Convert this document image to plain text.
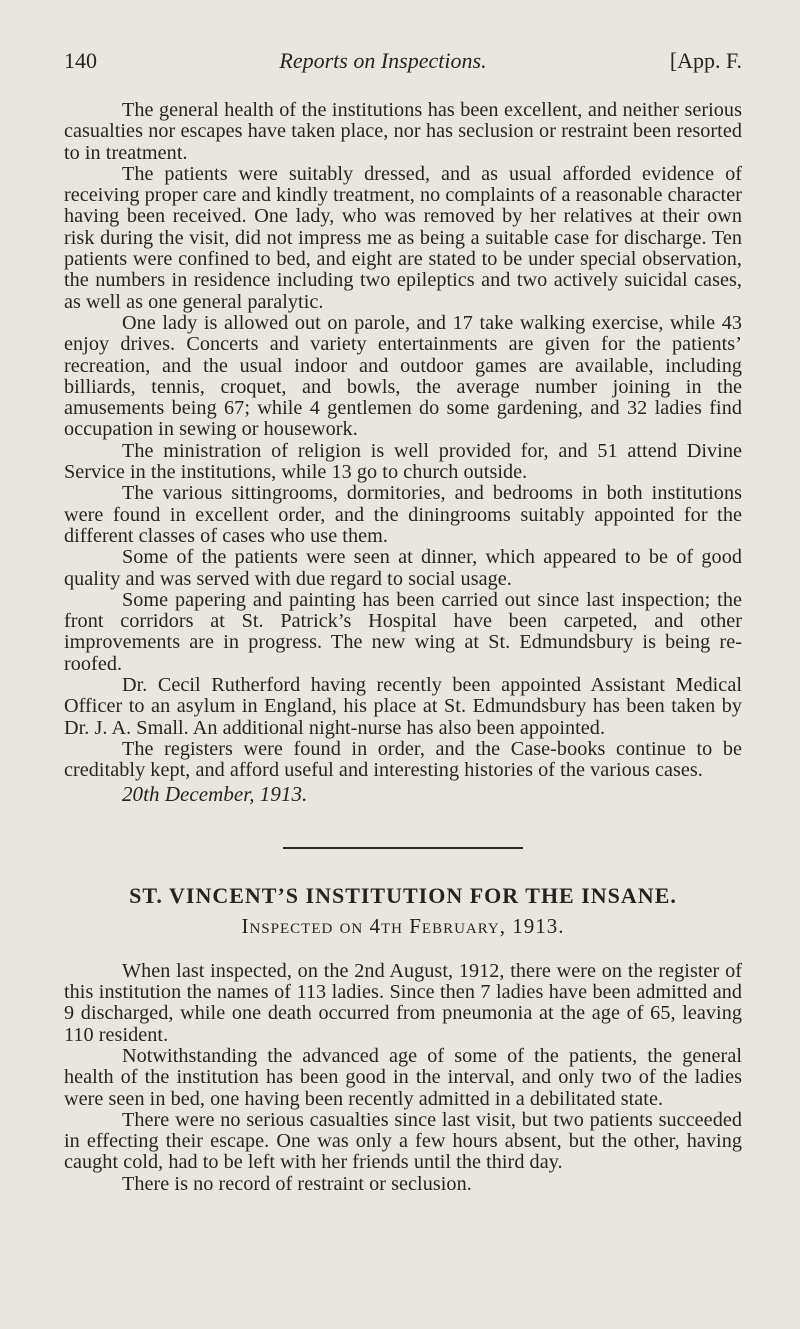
140	Reports on Inspections.	[App. F.

The general health of the institutions has been excellent, and neither serious casualties nor escapes have taken place, nor has seclusion or restraint been resorted to in treatment.

The patients were suitably dressed, and as usual afforded evidence of receiving proper care and kindly treatment, no complaints of a reasonable character having been received. One lady, who was removed by her relatives at their own risk during the visit, did not impress me as being a suitable case for discharge. Ten patients were confined to bed, and eight are stated to be under special observation, the numbers in residence including two epileptics and two actively suicidal cases, as well as one general paralytic.

One lady is allowed out on parole, and 17 take walking exercise, while 43 enjoy drives. Concerts and variety entertainments are given for the patients’ recreation, and the usual indoor and outdoor games are available, including billiards, tennis, croquet, and bowls, the average number joining in the amusements being 67; while 4 gentlemen do some gardening, and 32 ladies find occupation in sewing or housework.

The ministration of religion is well provided for, and 51 attend Divine Service in the institutions, while 13 go to church outside.

The various sittingrooms, dormitories, and bedrooms in both institutions were found in excellent order, and the diningrooms suitably appointed for the different classes of cases who use them.

Some of the patients were seen at dinner, which appeared to be of good quality and was served with due regard to social usage.

Some papering and painting has been carried out since last inspection; the front corridors at St. Patrick’s Hospital have been carpeted, and other improvements are in progress. The new wing at St. Edmundsbury is being re-roofed.

Dr. Cecil Rutherford having recently been appointed Assistant Medical Officer to an asylum in England, his place at St. Edmundsbury has been taken by Dr. J. A. Small. An additional night-nurse has also been appointed.

The registers were found in order, and the Case-books continue to be creditably kept, and afford useful and interesting histories of the various cases.

20th December, 1913.

ST. VINCENT’S INSTITUTION FOR THE INSANE.

Inspected on 4th February, 1913.

When last inspected, on the 2nd August, 1912, there were on the register of this institution the names of 113 ladies. Since then 7 ladies have been admitted and 9 discharged, while one death occurred from pneumonia at the age of 65, leaving 110 resident.

Notwithstanding the advanced age of some of the patients, the general health of the institution has been good in the interval, and only two of the ladies were seen in bed, one having been recently admitted in a debilitated state.

There were no serious casualties since last visit, but two patients succeeded in effecting their escape. One was only a few hours absent, but the other, having caught cold, had to be left with her friends until the third day.

There is no record of restraint or seclusion.
